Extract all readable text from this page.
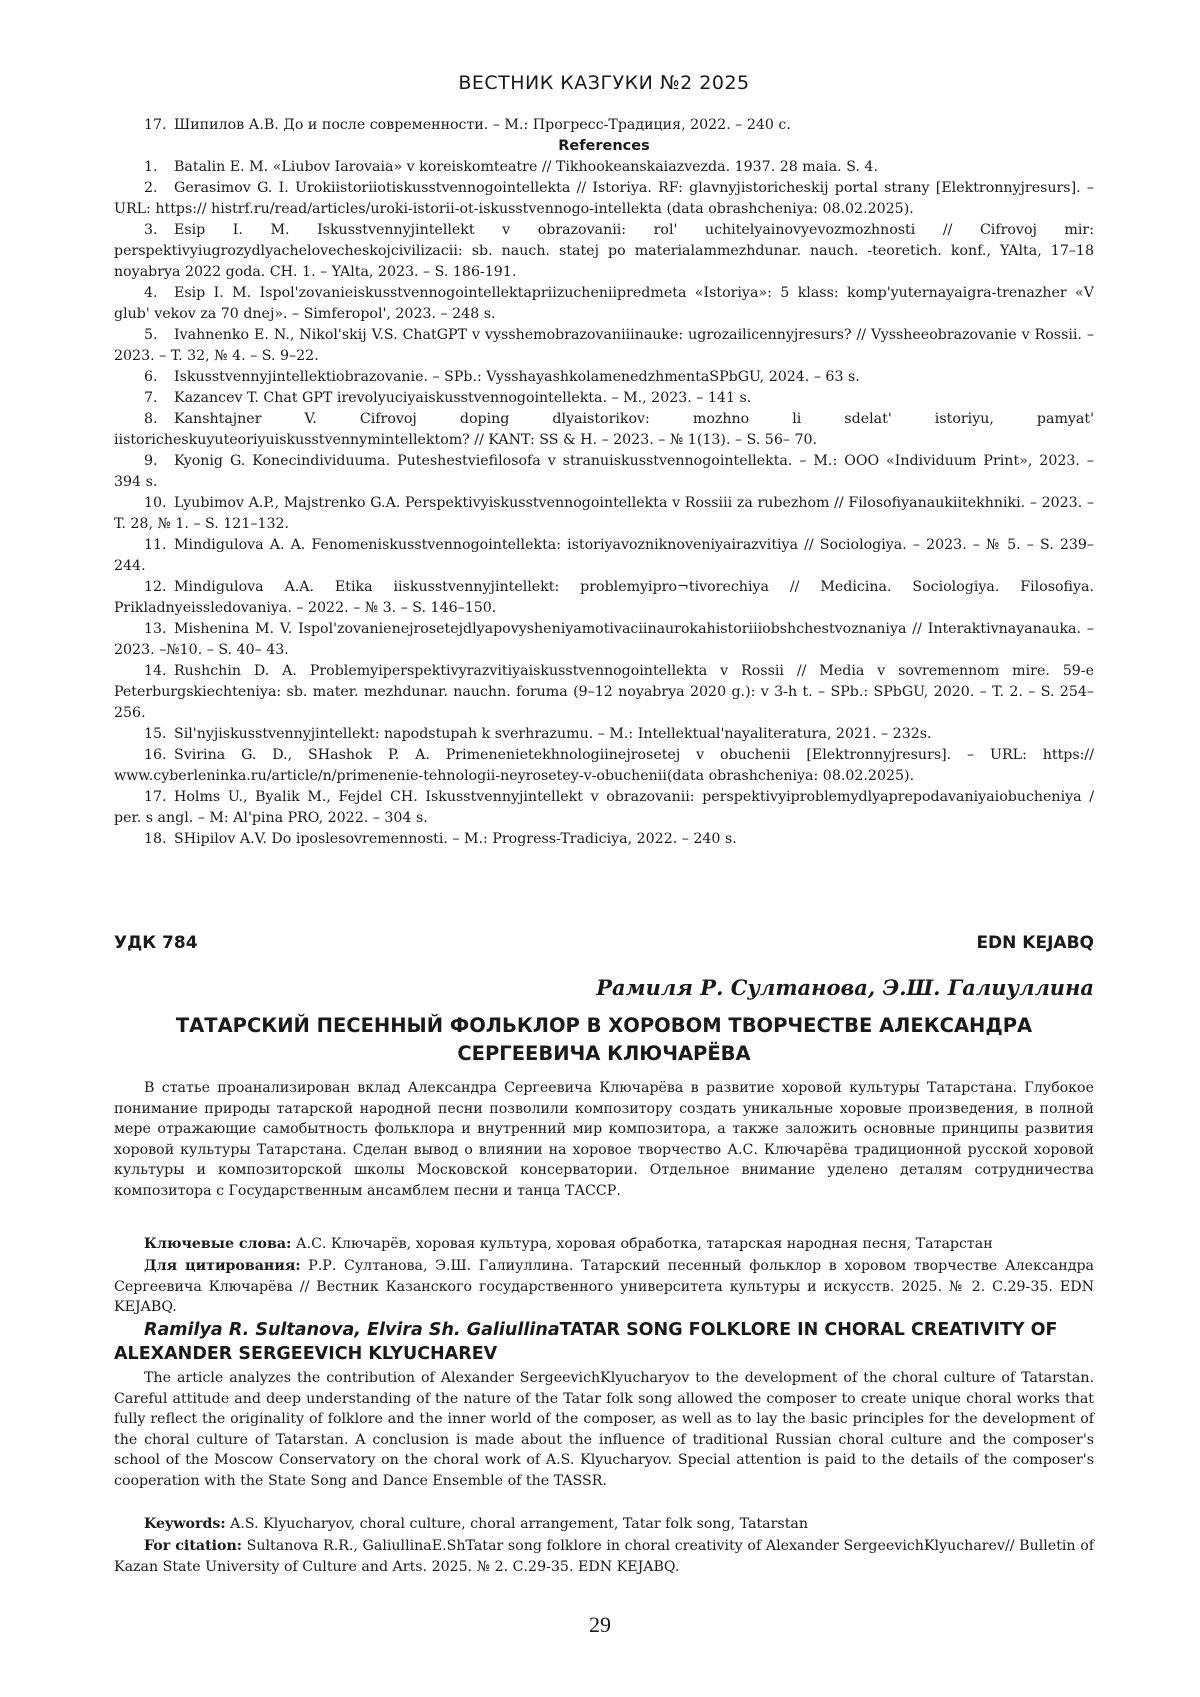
ВЕСТНИК КАЗГУКИ №2 2025

17. Шипилов А.В. До и после современности. – М.: Прогресс-Традиция, 2022. – 240 с.

References

1. Batalin E. M. «Liubov Iarovaia» v koreiskomteatre // Tikhookeanskaiazvezda. 1937. 28 maia. S. 4.

2. Gerasimov G. I. Urokiistoriiotiskusstvennogointellekta // Istoriya. RF: glavnyjistoricheskij portal strany [Elektronnyjresurs]. – URL: https:// histrf.ru/read/articles/uroki-istorii-ot-iskusstvennogo-intellekta (data obrashcheniya: 08.02.2025).

3. Esip I. M. Iskusstvennyjintellekt v obrazovanii: rol' uchitelyainovyevozmozhnosti // Cifrovoj mir: perspektivyiugrozydlyachelovecheskojcivilizacii: sb. nauch. statej po materialammezhdunar. nauch. -teoretich. konf., YAlta, 17–18 noyabrya 2022 goda. CH. 1. – YAlta, 2023. – S. 186-191.

4. Esip I. M. Ispol'zovanieiskusstvennogointellektapriizucheniipredmeta «Istoriya»: 5 klass: komp'yuternayaigra-trenazher «V glub' vekov za 70 dnej». – Simferopol', 2023. – 248 s.

5. Ivahnenko E. N., Nikol'skij V.S. ChatGPT v vysshemobrazovaniiinauke: ugrozailicennyjresurs? // Vyssheeobrazovanie v Rossii. – 2023. – T. 32, № 4. – S. 9–22.

6. Iskusstvennyjintellektiobrazovanie. – SPb.: VysshayashkolamenedzhmentaSPbGU, 2024. – 63 s.

7. Kazancev T. Chat GPT irevolyuciyaiskusstvennogointellekta. – M., 2023. – 141 s.

8. Kanshtajner V. Cifrovoj doping dlyaistorikov: mozhno li sdelat' istoriyu, pamyat' iistoricheskuyuteoriyuiskusstvennymintellektom? // KANT: SS & H. – 2023. – № 1(13). – S. 56– 70.

9. Kyonig G. Konecindividuuma. Puteshestviefilosofa v stranuiskusstvennogointellekta. – M.: OOO «Individuum Print», 2023. – 394 s.

10. Lyubimov A.P., Majstrenko G.A. Perspektivyiskusstvennogointellekta v Rossiii za rubezhom // Filosofiyanaukiitekhniki. – 2023. – T. 28, № 1. – S. 121–132.

11. Mindigulova A. A. Fenomeniskusstvennogointellekta: istoriyavozniknoveniyairazvitiya // Sociologiya. – 2023. – № 5. – S. 239– 244.

12. Mindigulova A.A. Etika iiskusstvennyjintellekt: problemyipro¬tivorechiya // Medicina. Sociologiya. Filosofiya. Prikladnyeissledovaniya. – 2022. – № 3. – S. 146–150.

13. Mishenina M. V. Ispol'zovanienejrosetejdlyapovysheniyamotivaciinaurokahistoriiiobshchestvoznaniya // Interaktivnayanauka. – 2023. –№10. – S. 40– 43.

14. Rushchin D. A. Problemyiperspektivyrazvitiyaiskusstvennogointellekta v Rossii // Media v sovremennom mire. 59-e Peterburgskiechteniya: sb. mater. mezhdunar. nauchn. foruma (9–12 noyabrya 2020 g.): v 3-h t. – SPb.: SPbGU, 2020. – T. 2. – S. 254–256.

15. Sil'nyjiskusstvennyjintellekt: napodstupah k sverhrazumu. – M.: Intellektual'nayaliteratura, 2021. – 232s.

16. Svirina G. D., SHashok P. A. Primenenietekhnologiinejrosetej v obuchenii [Elektronnyjresurs]. – URL: https:// www.cyberleninka.ru/article/n/primenenie-tehnologii-neyrosetey-v-obuchenii(data obrashcheniya: 08.02.2025).

17. Holms U., Byalik M., Fejdel CH. Iskusstvennyjintellekt v obrazovanii: perspektivyiproblemydlyaprepodavaniyaiobucheniya / per. s angl. – M: Al'pina PRO, 2022. – 304 s.

18. SHipilov A.V. Do iposlesovremennosti. – M.: Progress-Tradiciya, 2022. – 240 s.

УДК 784	EDN KEJABQ
Рамиля Р. Султанова, Э.Ш. Галиуллина
ТАТАРСКИЙ ПЕСЕННЫЙ ФОЛЬКЛОР В ХОРОВОМ ТВОРЧЕСТВЕ АЛЕКСАНДРА
СЕРГЕЕВИЧА КЛЮЧАРЁВА

В статье проанализирован вклад Александра Сергеевича Ключарёва в развитие хоровой культуры Татарстана. Глубокое понимание природы татарской народной песни позволили композитору создать уникальные хоровые произведения, в полной мере отражающие самобытность фольклора и внутренний мир композитора, а также заложить основные принципы развития хоровой культуры Татарстана. Сделан вывод о влиянии на хоровое творчество А.С. Ключарёва традиционной русской хоровой культуры и композиторской школы Московской консерватории. Отдельное внимание уделено деталям сотрудничества композитора с Государственным ансамблем песни и танца ТАССР.

Ключевые слова: А.С. Ключарёв, хоровая культура, хоровая обработка, татарская народная песня, Татарстан

Для цитирования: Р.Р. Султанова, Э.Ш. Галиуллина. Татарский песенный фольклор в хоровом творчестве Александра Сергеевича Ключарёва // Вестник Казанского государственного университета культуры и искусств. 2025. № 2. С.29-35. EDN KEJABQ.

Ramilya R. Sultanova, Elvira Sh. GaliullinaTATAR SONG FOLKLORE IN CHORAL CREATIVITY OF ALEXANDER SERGEEVICH KLYUCHAREV

The article analyzes the contribution of Alexander SergeevichKlyucharyov to the development of the choral culture of Tatarstan. Careful attitude and deep understanding of the nature of the Tatar folk song allowed the composer to create unique choral works that fully reflect the originality of folklore and the inner world of the composer, as well as to lay the basic principles for the development of the choral culture of Tatarstan. A conclusion is made about the influence of traditional Russian choral culture and the composer's school of the Moscow Conservatory on the choral work of A.S. Klyucharyov. Special attention is paid to the details of the composer's cooperation with the State Song and Dance Ensemble of the TASSR.

Keywords: A.S. Klyucharyov, choral culture, choral arrangement, Tatar folk song, Tatarstan

For citation: Sultanova R.R., GaliullinaE.ShTatar song folklore in choral creativity of Alexander SergeevichKlyucharev// Bulletin of Kazan State University of Culture and Arts. 2025. № 2. С.29-35. EDN KEJABQ.

29
